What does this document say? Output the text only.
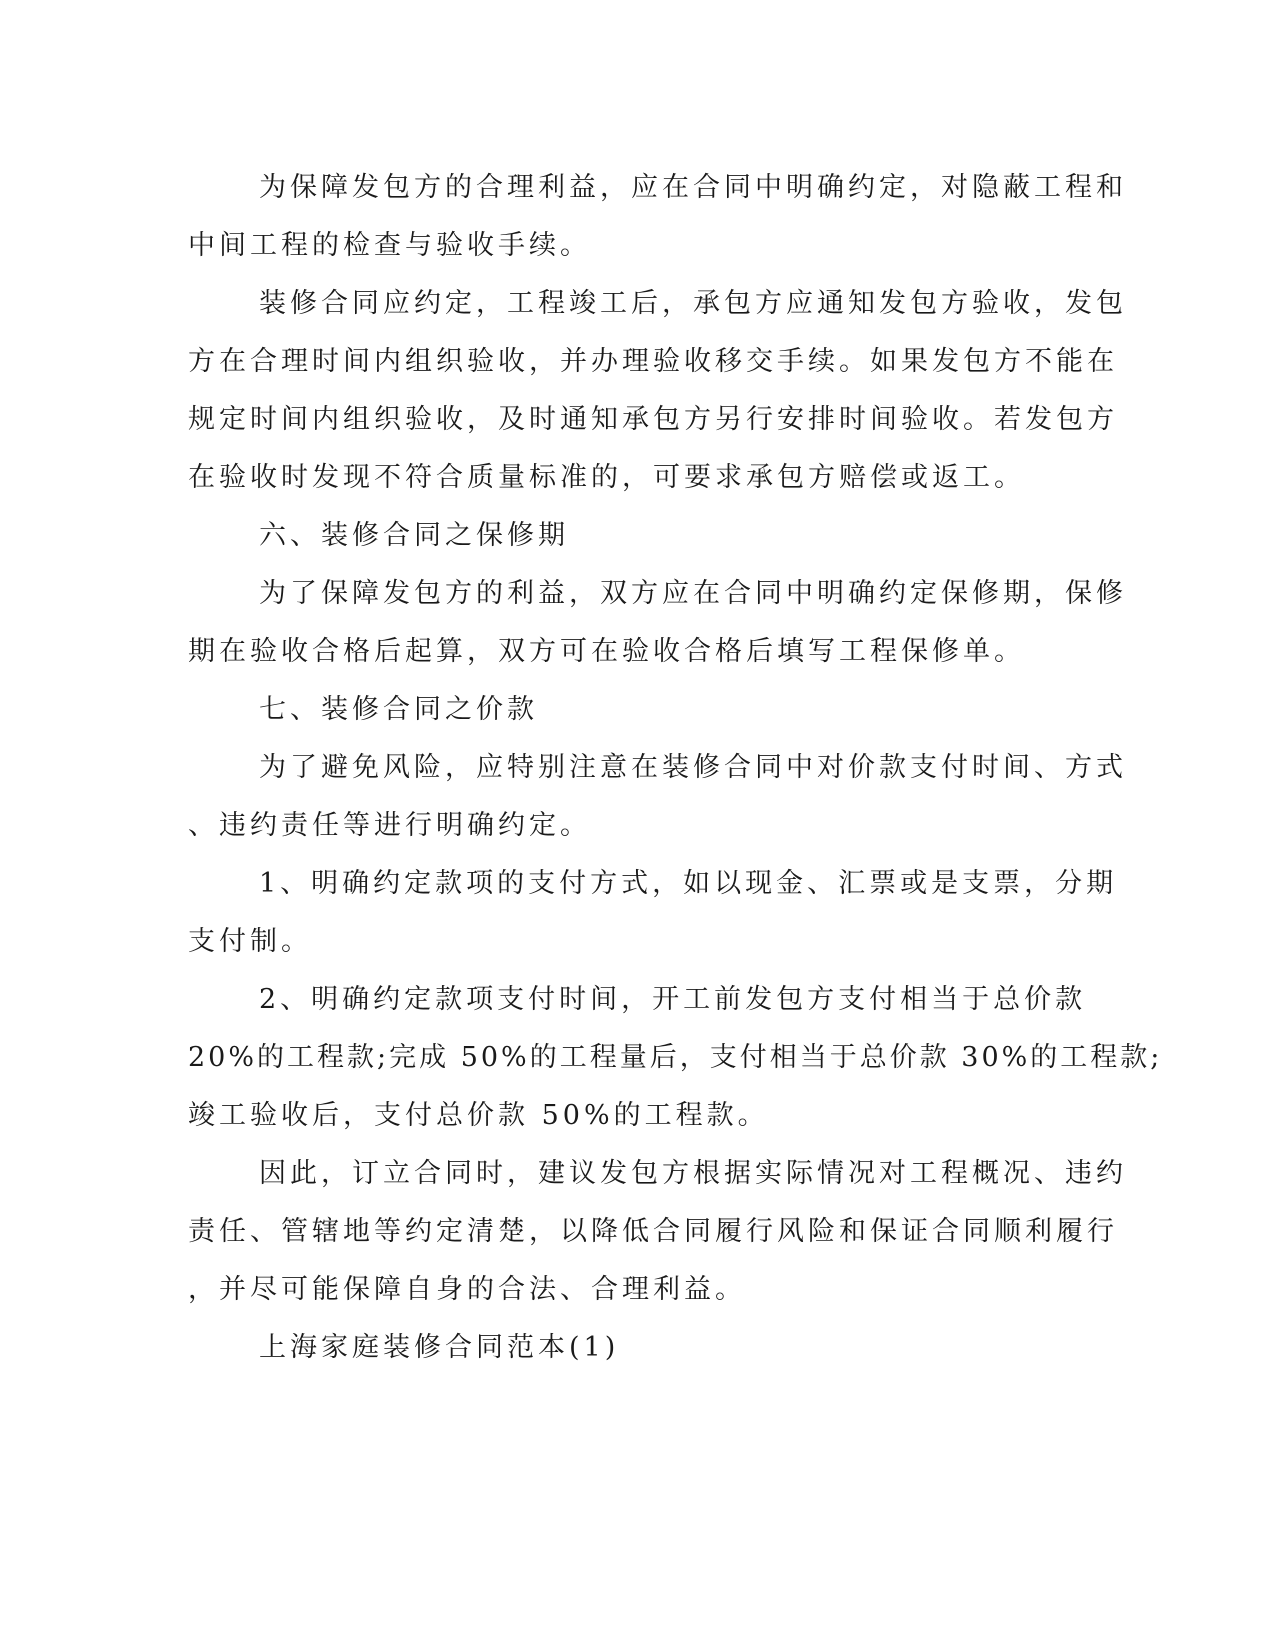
为保障发包方的合理利益，应在合同中明确约定，对隐蔽工程和
中间工程的检查与验收手续。
装修合同应约定，工程竣工后，承包方应通知发包方验收，发包
方在合理时间内组织验收，并办理验收移交手续。如果发包方不能在
规定时间内组织验收，及时通知承包方另行安排时间验收。若发包方
在验收时发现不符合质量标准的，可要求承包方赔偿或返工。
六、装修合同之保修期
为了保障发包方的利益，双方应在合同中明确约定保修期，保修
期在验收合格后起算，双方可在验收合格后填写工程保修单。
七、装修合同之价款
为了避免风险，应特别注意在装修合同中对价款支付时间、方式
、违约责任等进行明确约定。
1、明确约定款项的支付方式，如以现金、汇票或是支票，分期
支付制。
2、明确约定款项支付时间，开工前发包方支付相当于总价款
20%的工程款;完成 50%的工程量后，支付相当于总价款 30%的工程款;
竣工验收后，支付总价款 50%的工程款。
因此，订立合同时，建议发包方根据实际情况对工程概况、违约
责任、管辖地等约定清楚，以降低合同履行风险和保证合同顺利履行
，并尽可能保障自身的合法、合理利益。
上海家庭装修合同范本(1)
